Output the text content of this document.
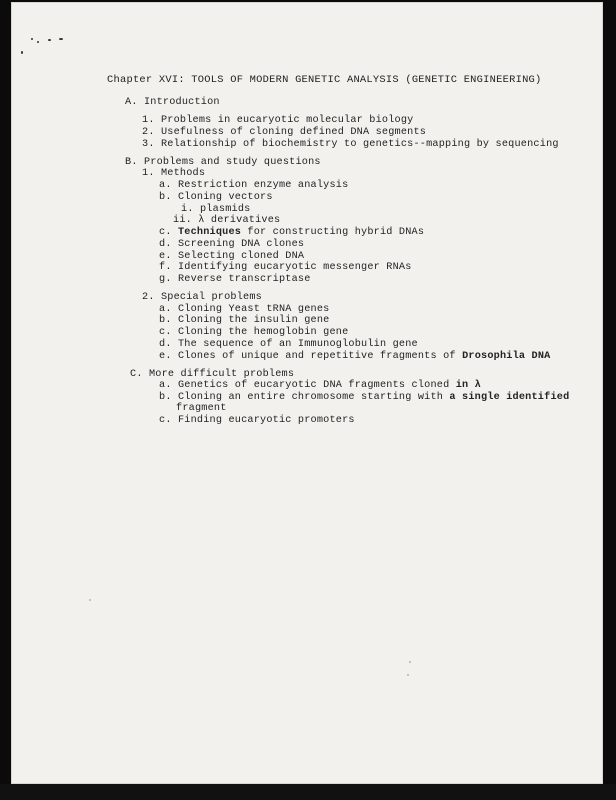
Chapter XVI: TOOLS OF MODERN GENETIC ANALYSIS (GENETIC ENGINEERING)
A. Introduction
1. Problems in eucaryotic molecular biology
2. Usefulness of cloning defined DNA segments
3. Relationship of biochemistry to genetics--mapping by sequencing
B. Problems and study questions
1. Methods
a. Restriction enzyme analysis
b. Cloning vectors
i. plasmids
ii. λ derivatives
c. Techniques for constructing hybrid DNAs
d. Screening DNA clones
e. Selecting cloned DNA
f. Identifying eucaryotic messenger RNAs
g. Reverse transcriptase
2. Special problems
a. Cloning Yeast tRNA genes
b. Cloning the insulin gene
c. Cloning the hemoglobin gene
d. The sequence of an Immunoglobulin gene
e. Clones of unique and repetitive fragments of Drosophila DNA
C. More difficult problems
a. Genetics of eucaryotic DNA fragments cloned in λ
b. Cloning an entire chromosome starting with a single identified
fragment
c. Finding eucaryotic promoters
